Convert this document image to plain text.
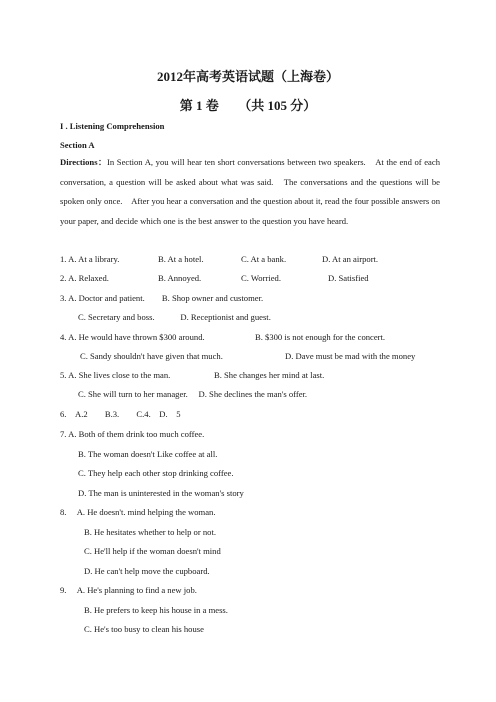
2012年高考英语试题（上海卷）
第 1 卷　　（共 105 分）
I . Listening Comprehension
Section A
Directions：In Section A, you will hear ten short conversations between two speakers.　At the end of each conversation, a question will be asked about what was said.　The conversations and the questions will be spoken only once.　After you hear a conversation and the question about it, read the four possible answers on your paper, and decide which one is the best answer to the question you have heard.
1. A. At a library.	B. At a hotel.	C. At a bank.	D. At an airport.
2. A. Relaxed.	B. Annoyed.	C. Worried.	D. Satisfied
3. A. Doctor and patient.　　B. Shop owner and customer.
C. Secretary and boss.　　　D. Receptionist and guest.
4. A. He would have thrown $300 around.	B. $300 is not enough for the concert.
C. Sandy shouldn't have given that much.	D. Dave must be mad with the money
5. A. She lives close to the man.	B. She changes her mind at last.
C. She will turn to her manager.　 D. She declines the man's offer.
6.　A.2　　B.3.　　C.4.　D.　5
7. A. Both of them drink too much coffee.
B. The woman doesn't Like coffee at all.
C. They help each other stop drinking coffee.
D. The man is uninterested in the woman's story
8.　 A. He doesn't. mind helping the woman.
B. He hesitates whether to help or not.
C. He'll help if the woman doesn't mind
D. He can't help move the cupboard.
9.　 A. He's planning to find a new job.
B. He prefers to keep his house in a mess.
C. He's too busy to clean his house
